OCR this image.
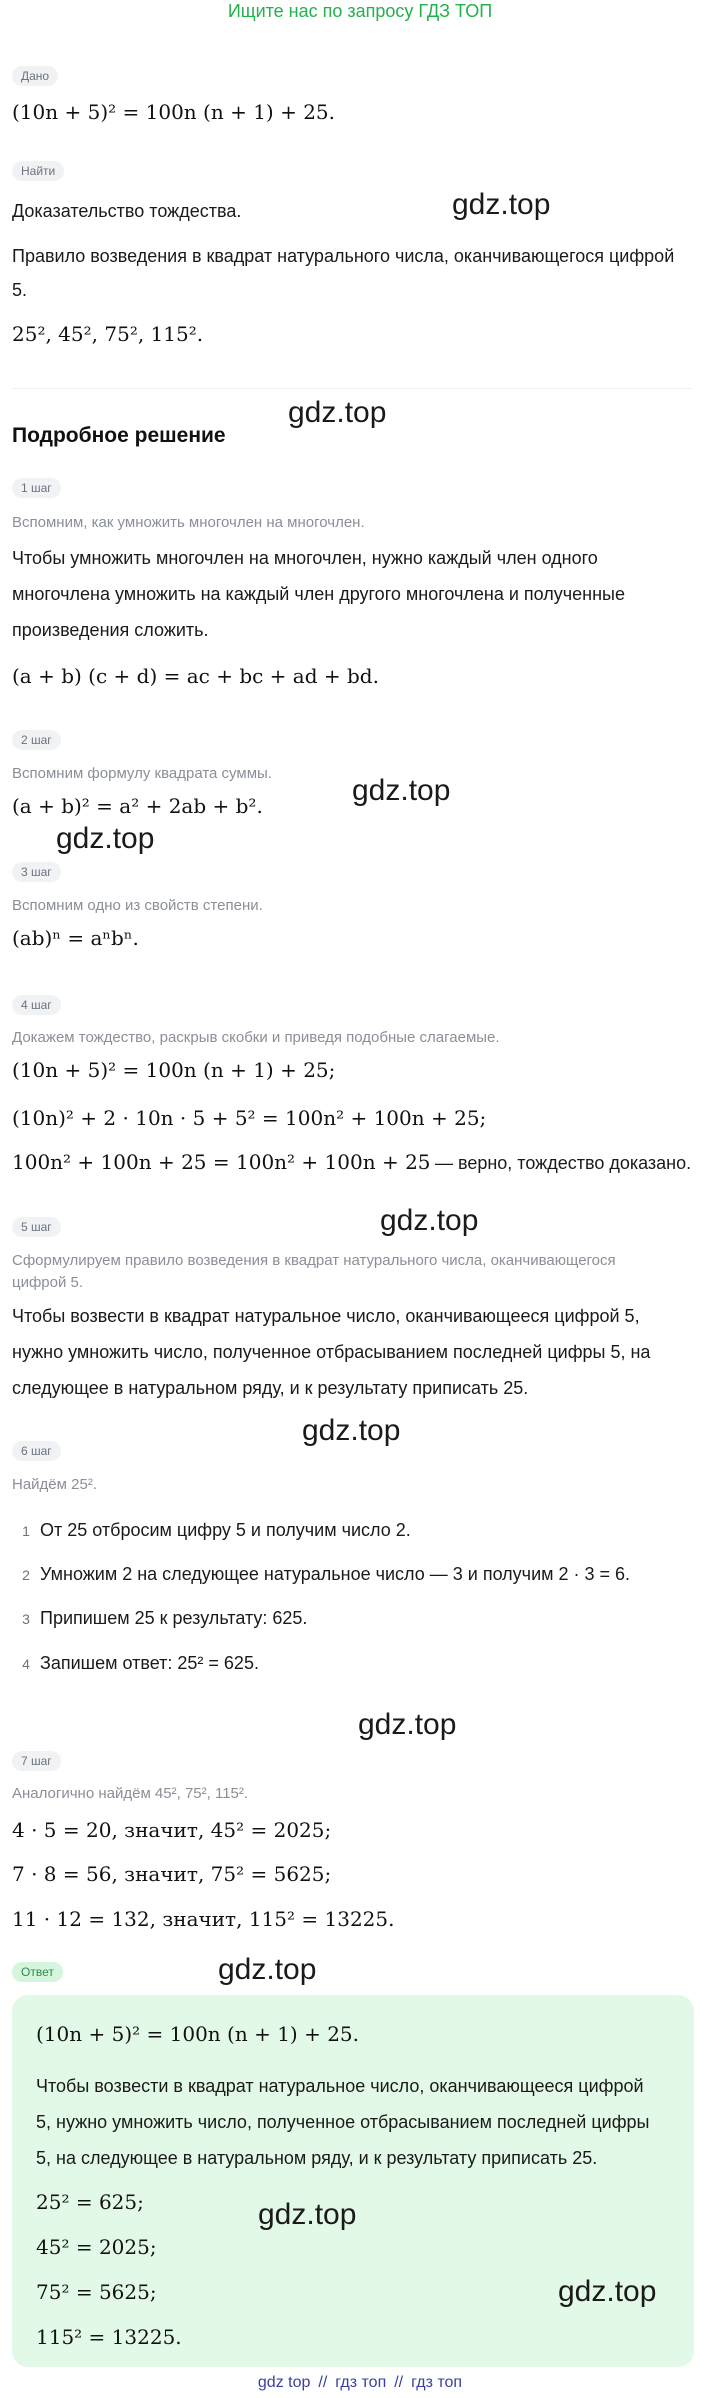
Ищите нас по запросу ГДЗ ТОП
Дано
(10n + 5)² = 100n (n + 1) + 25.
Найти
Доказательство тождества.
Правило возведения в квадрат натурального числа, оканчивающегося цифрой
5.
25², 45², 75², 115².
Подробное решение
1 шаг
Вспомним, как умножить многочлен на многочлен.
Чтобы умножить многочлен на многочлен, нужно каждый член одного
многочлена умножить на каждый член другого многочлена и полученные
произведения сложить.
(a + b) (c + d) = ac + bc + ad + bd.
2 шаг
Вспомним формулу квадрата суммы.
(a + b)² = a² + 2ab + b².
3 шаг
Вспомним одно из свойств степени.
(ab)ⁿ = aⁿbⁿ.
4 шаг
Докажем тождество, раскрыв скобки и приведя подобные слагаемые.
(10n + 5)² = 100n (n + 1) + 25;
(10n)² + 2 · 10n · 5 + 5² = 100n² + 100n + 25;
100n² + 100n + 25 = 100n² + 100n + 25 — верно, тождество доказано.
5 шаг
Сформулируем правило возведения в квадрат натурального числа, оканчивающегося
цифрой 5.
Чтобы возвести в квадрат натуральное число, оканчивающееся цифрой 5,
нужно умножить число, полученное отбрасыванием последней цифры 5, на
следующее в натуральном ряду, и к результату приписать 25.
6 шаг
Найдём 25².
1 От 25 отбросим цифру 5 и получим число 2.
2 Умножим 2 на следующее натуральное число — 3 и получим 2 · 3 = 6.
3 Припишем 25 к результату: 625.
4 Запишем ответ: 25² = 625.
7 шаг
Аналогично найдём 45², 75², 115².
4 · 5 = 20, значит, 45² = 2025;
7 · 8 = 56, значит, 75² = 5625;
11 · 12 = 132, значит, 115² = 13225.
Ответ
(10n + 5)² = 100n (n + 1) + 25.
Чтобы возвести в квадрат натуральное число, оканчивающееся цифрой
5, нужно умножить число, полученное отбрасыванием последней цифры
5, на следующее в натуральном ряду, и к результату приписать 25.
25² = 625;
45² = 2025;
75² = 5625;
115² = 13225.
gdz.top
gdz.top
gdz.top
gdz.top
gdz.top
gdz.top
gdz.top
gdz.top
gdz.top
gdz.top
gdz top // гдз топ // гдз топ
